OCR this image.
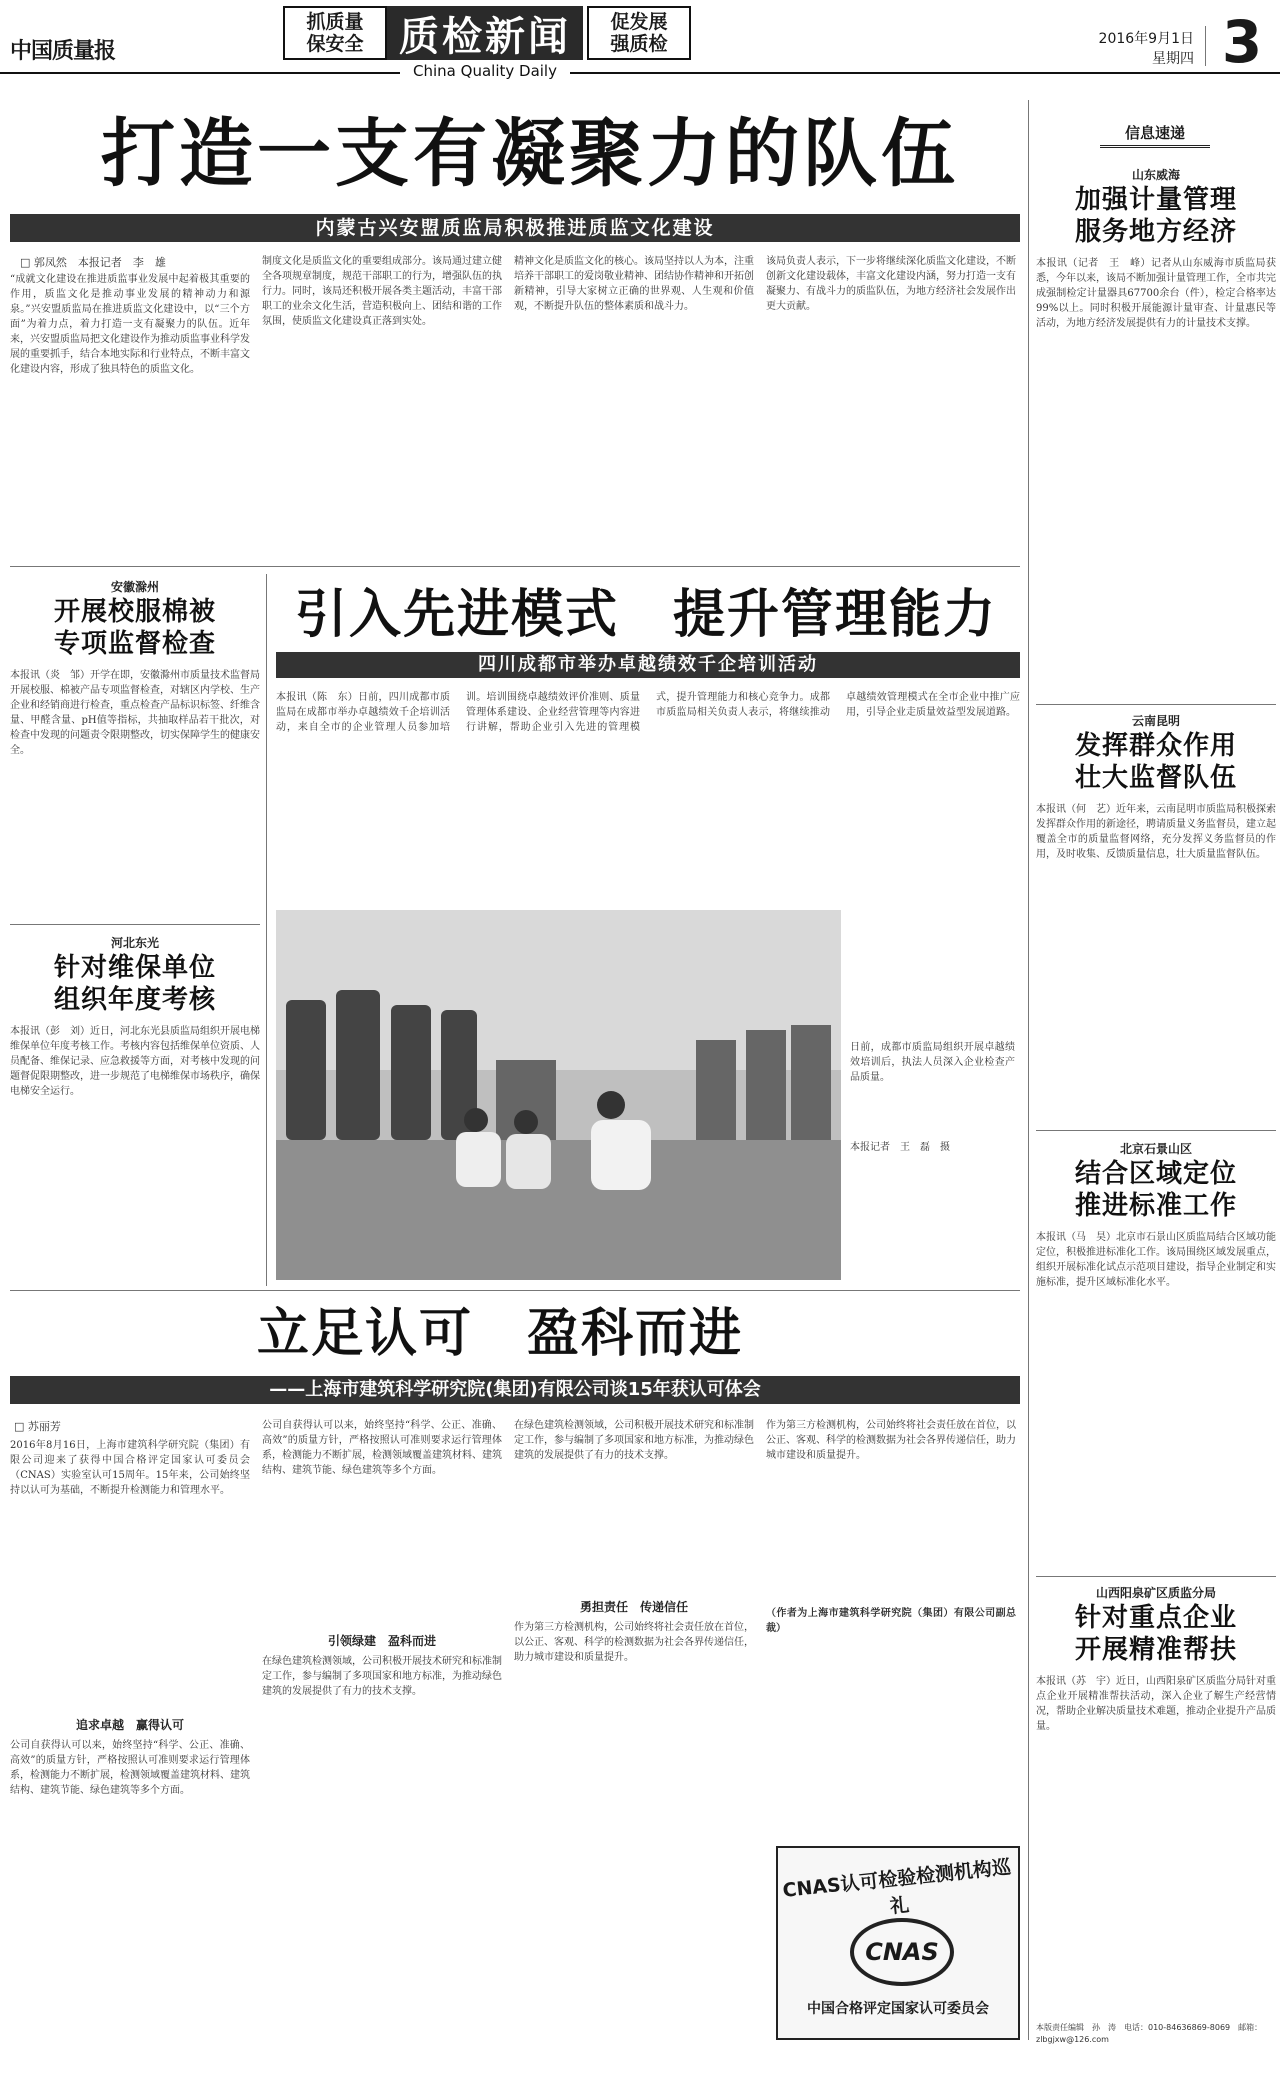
中国质量报
抓质量
保安全 质检新闻 促发展
强质检
China Quality Daily
2016年9月1日
星期四 3
打造一支有凝聚力的队伍
内蒙古兴安盟质监局积极推进质监文化建设
□ 郭凤然　本报记者　李　雄
“成就文化建设在推进质监事业发展中起着极其重要的作用，质监文化是推动事业发展的精神动力和源泉。”兴安盟质监局在推进质监文化建设中，以“三个方面”为着力点，着力打造一支有凝聚力的队伍。近年来，兴安盟质监局把文化建设作为推动质监事业科学发展的重要抓手，结合本地实际和行业特点，不断丰富文化建设内容，形成了独具特色的质监文化。
制度文化是质监文化的重要组成部分。该局通过建立健全各项规章制度，规范干部职工的行为，增强队伍的执行力。同时，该局还积极开展各类主题活动，丰富干部职工的业余文化生活，营造积极向上、团结和谐的工作氛围，使质监文化建设真正落到实处。
精神文化是质监文化的核心。该局坚持以人为本，注重培养干部职工的爱岗敬业精神、团结协作精神和开拓创新精神，引导大家树立正确的世界观、人生观和价值观，不断提升队伍的整体素质和战斗力。
该局负责人表示，下一步将继续深化质监文化建设，不断创新文化建设载体，丰富文化建设内涵，努力打造一支有凝聚力、有战斗力的质监队伍，为地方经济社会发展作出更大贡献。
安徽滁州
开展校服棉被
专项监督检查
本报讯（炎　邹）开学在即，安徽滁州市质量技术监督局开展校服、棉被产品专项监督检查，对辖区内学校、生产企业和经销商进行检查，重点检查产品标识标签、纤维含量、甲醛含量、pH值等指标，共抽取样品若干批次，对检查中发现的问题责令限期整改，切实保障学生的健康安全。
河北东光
针对维保单位
组织年度考核
本报讯（彭　刘）近日，河北东光县质监局组织开展电梯维保单位年度考核工作。考核内容包括维保单位资质、人员配备、维保记录、应急救援等方面，对考核中发现的问题督促限期整改，进一步规范了电梯维保市场秩序，确保电梯安全运行。
引入先进模式　提升管理能力
四川成都市举办卓越绩效千企培训活动
本报讯（陈　东）日前，四川成都市质监局在成都市举办卓越绩效千企培训活动，来自全市的企业管理人员参加培训。培训围绕卓越绩效评价准则、质量管理体系建设、企业经营管理等内容进行讲解，帮助企业引入先进的管理模式，提升管理能力和核心竞争力。成都市质监局相关负责人表示，将继续推动卓越绩效管理模式在全市企业中推广应用，引导企业走质量效益型发展道路。
日前，成都市质监局组织开展卓越绩效培训后，执法人员深入企业检查产品质量。
本报记者　王　磊　摄
立足认可　盈科而进
——上海市建筑科学研究院(集团)有限公司谈15年获认可体会
□ 苏丽芳
2016年8月16日，上海市建筑科学研究院（集团）有限公司迎来了获得中国合格评定国家认可委员会（CNAS）实验室认可15周年。15年来，公司始终坚持以认可为基础，不断提升检测能力和管理水平。
追求卓越　赢得认可
公司自获得认可以来，始终坚持“科学、公正、准确、高效”的质量方针，严格按照认可准则要求运行管理体系，检测能力不断扩展，检测领域覆盖建筑材料、建筑结构、建筑节能、绿色建筑等多个方面。
公司自获得认可以来，始终坚持“科学、公正、准确、高效”的质量方针，严格按照认可准则要求运行管理体系，检测能力不断扩展，检测领域覆盖建筑材料、建筑结构、建筑节能、绿色建筑等多个方面。
引领绿建　盈科而进
在绿色建筑检测领域，公司积极开展技术研究和标准制定工作，参与编制了多项国家和地方标准，为推动绿色建筑的发展提供了有力的技术支撑。
在绿色建筑检测领域，公司积极开展技术研究和标准制定工作，参与编制了多项国家和地方标准，为推动绿色建筑的发展提供了有力的技术支撑。
勇担责任　传递信任
作为第三方检测机构，公司始终将社会责任放在首位，以公正、客观、科学的检测数据为社会各界传递信任，助力城市建设和质量提升。
作为第三方检测机构，公司始终将社会责任放在首位，以公正、客观、科学的检测数据为社会各界传递信任，助力城市建设和质量提升。
（作者为上海市建筑科学研究院（集团）有限公司副总裁）
CNAS认可检验检测机构巡礼
CNAS
中国合格评定国家认可委员会
信息速递
山东威海
加强计量管理
服务地方经济
本报讯（记者　王　峰）记者从山东威海市质监局获悉，今年以来，该局不断加强计量管理工作，全市共完成强制检定计量器具67700余台（件），检定合格率达99%以上。同时积极开展能源计量审查、计量惠民等活动，为地方经济发展提供有力的计量技术支撑。
云南昆明
发挥群众作用
壮大监督队伍
本报讯（何　艺）近年来，云南昆明市质监局积极探索发挥群众作用的新途径，聘请质量义务监督员，建立起覆盖全市的质量监督网络，充分发挥义务监督员的作用，及时收集、反馈质量信息，壮大质量监督队伍。
北京石景山区
结合区域定位
推进标准工作
本报讯（马　昊）北京市石景山区质监局结合区域功能定位，积极推进标准化工作。该局围绕区域发展重点，组织开展标准化试点示范项目建设，指导企业制定和实施标准，提升区域标准化水平。
山西阳泉矿区质监分局
针对重点企业
开展精准帮扶
本报讯（苏　宇）近日，山西阳泉矿区质监分局针对重点企业开展精准帮扶活动，深入企业了解生产经营情况，帮助企业解决质量技术难题，推动企业提升产品质量。
本版责任编辑　孙　涛　电话：010-84636869-8069　邮箱：zlbgjxw@126.com
